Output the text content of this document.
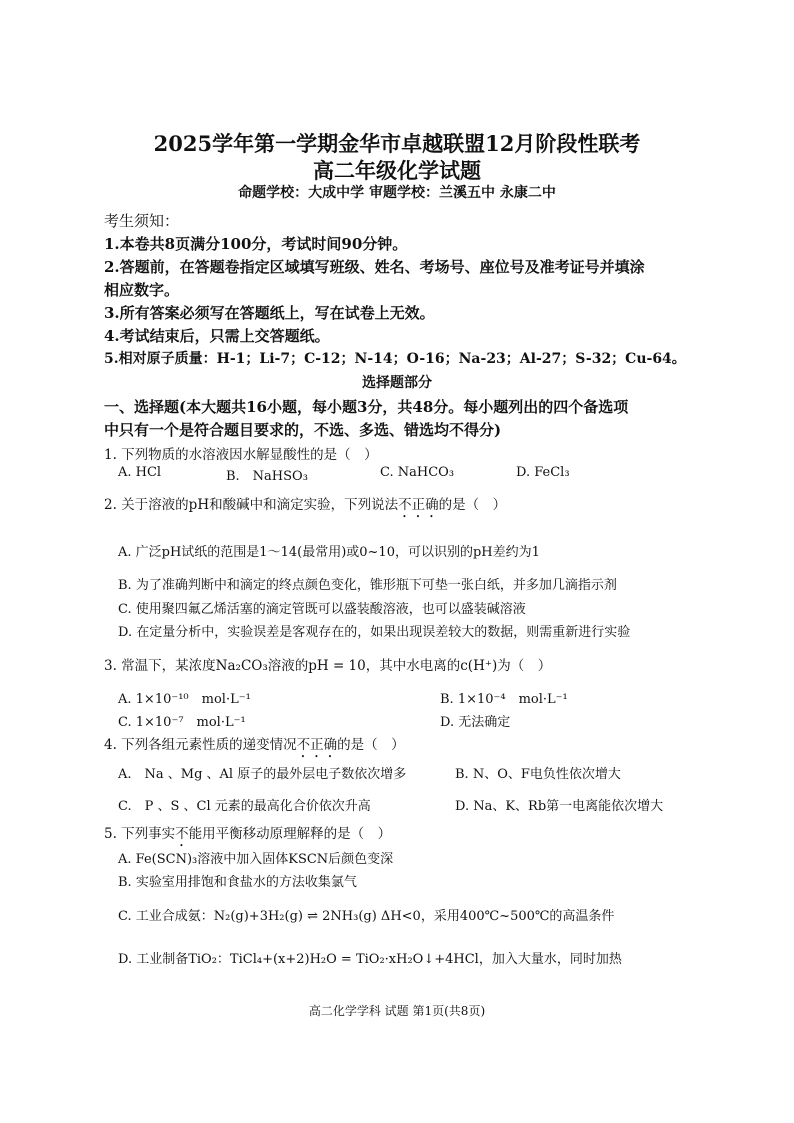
2025学年第一学期金华市卓越联盟12月阶段性联考
高二年级化学试题
命题学校：大成中学 审题学校：兰溪五中 永康二中
考生须知：
1.本卷共8页满分100分，考试时间90分钟。
2.答题前，在答题卷指定区域填写班级、姓名、考场号、座位号及准考证号并填涂
相应数字。
3.所有答案必须写在答题纸上，写在试卷上无效。
4.考试结束后，只需上交答题纸。
5.相对原子质量：H-1；Li-7；C-12；N-14；O-16；Na-23；Al-27；S-32；Cu-64。
选择题部分
一、选择题(本大题共16小题，每小题3分，共48分。每小题列出的四个备选项
中只有一个是符合题目要求的，不选、多选、错选均不得分)
1. 下列物质的水溶液因水解显酸性的是（　）
A. HCl	B.　NaHSO₃	C. NaHCO₃	D. FeCl₃
2. 关于溶液的pH和酸碱中和滴定实验，下列说法不正确的是（　）
A. 广泛pH试纸的范围是1～14(最常用)或0~10，可以识别的pH差约为1
B. 为了准确判断中和滴定的终点颜色变化，锥形瓶下可垫一张白纸，并多加几滴指示剂
C. 使用聚四氟乙烯活塞的滴定管既可以盛装酸溶液，也可以盛装碱溶液
D. 在定量分析中，实验误差是客观存在的，如果出现误差较大的数据，则需重新进行实验
3. 常温下，某浓度Na₂CO₃溶液的pH = 10，其中水电离的c(H⁺)为（　）
A. 1×10⁻¹⁰　mol·L⁻¹	B. 1×10⁻⁴　mol·L⁻¹
C. 1×10⁻⁷　mol·L⁻¹	D. 无法确定
4. 下列各组元素性质的递变情况不正确的是（　）
A.　Na 、Mg 、Al 原子的最外层电子数依次增多	B. N、O、F电负性依次增大
C.　P 、S 、Cl 元素的最高化合价依次升高	D. Na、K、Rb第一电离能依次增大
5. 下列事实不能用平衡移动原理解释的是（　）
A. Fe(SCN)₃溶液中加入固体KSCN后颜色变深
B. 实验室用排饱和食盐水的方法收集氯气
C. 工业合成氨：N₂(g)+3H₂(g) ⇌ 2NH₃(g) ΔH<0，采用400℃~500℃的高温条件
D. 工业制备TiO₂：TiCl₄+(x+2)H₂O = TiO₂·xH₂O↓+4HCl，加入大量水，同时加热
高二化学学科 试题 第1页(共8页)
